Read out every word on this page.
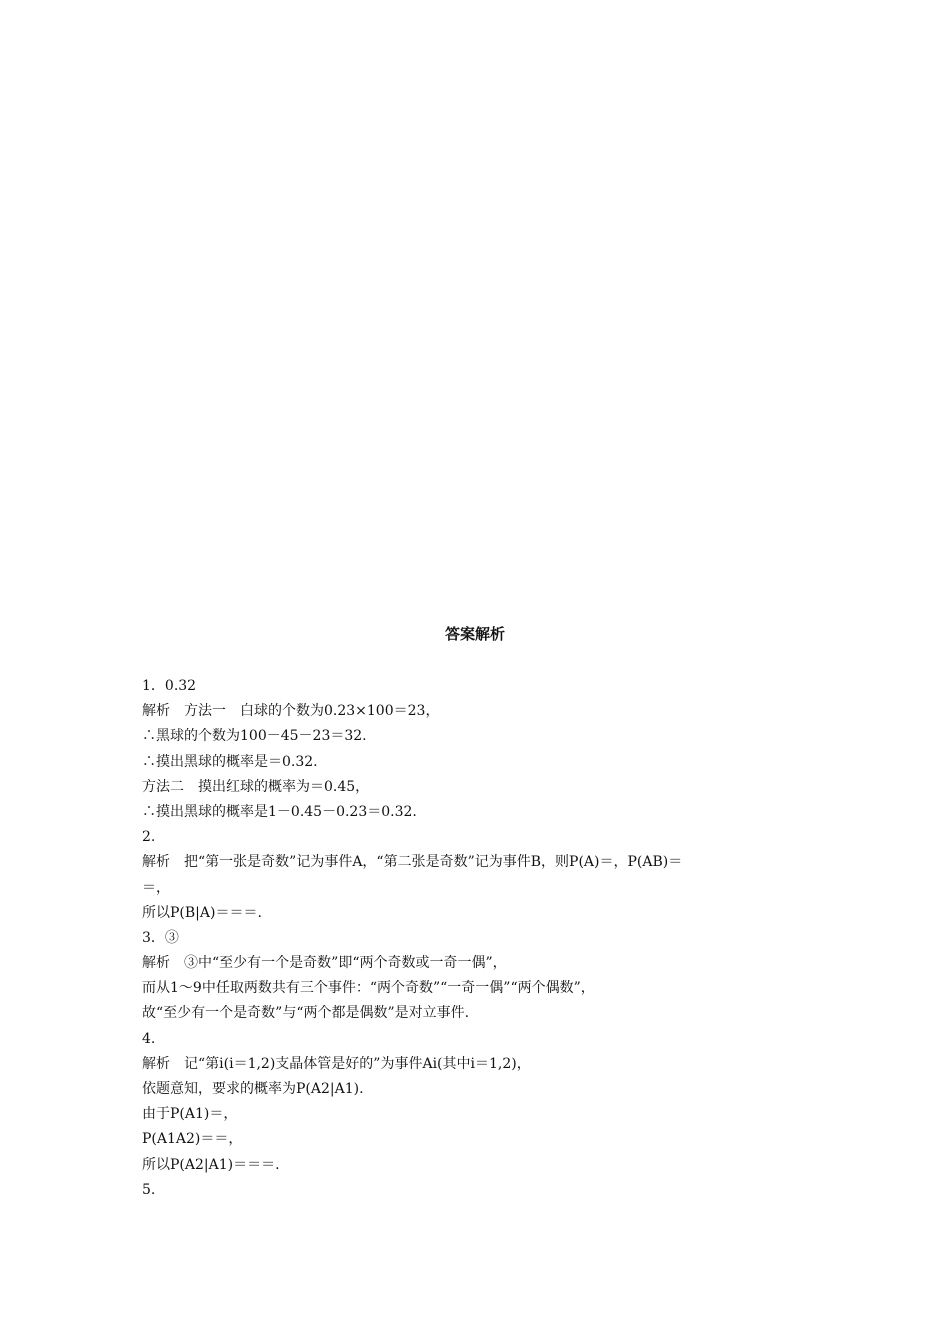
答案解析
1．0.32
解析　方法一　白球的个数为0.23×100＝23，
∴黑球的个数为100－45－23＝32.
∴摸出黑球的概率是＝0.32.
方法二　摸出红球的概率为＝0.45，
∴摸出黑球的概率是1－0.45－0.23＝0.32.
2.
解析　把“第一张是奇数”记为事件A，“第二张是奇数”记为事件B，则P(A)＝，P(AB)＝
＝，
所以P(B|A)＝＝＝.
3．③
解析　③中“至少有一个是奇数”即“两个奇数或一奇一偶”，
而从1～9中任取两数共有三个事件：“两个奇数”“一奇一偶”“两个偶数”，
故“至少有一个是奇数”与“两个都是偶数”是对立事件.
4.
解析　记“第i(i＝1,2)支晶体管是好的”为事件Ai(其中i＝1,2)，
依题意知，要求的概率为P(A2|A1).
由于P(A1)＝，
P(A1A2)＝＝，
所以P(A2|A1)＝＝＝.
5.
